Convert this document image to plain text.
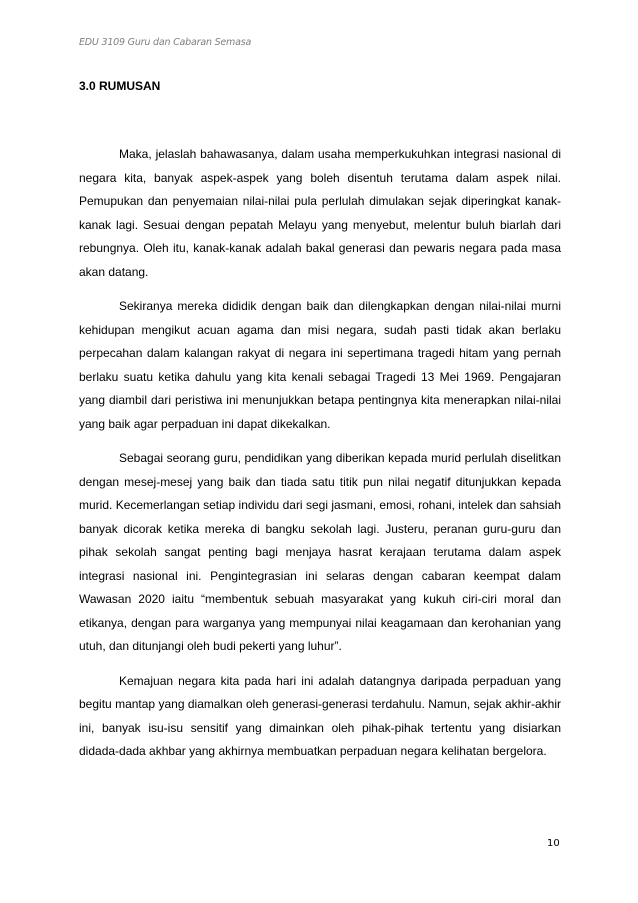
EDU 3109 Guru dan Cabaran Semasa
3.0 RUMUSAN

Maka, jelaslah bahawasanya, dalam usaha memperkukuhkan integrasi nasional di negara kita, banyak aspek-aspek yang boleh disentuh terutama dalam aspek nilai. Pemupukan dan penyemaian nilai-nilai pula perlulah dimulakan sejak diperingkat kanak-kanak lagi. Sesuai dengan pepatah Melayu yang menyebut, melentur buluh biarlah dari rebungnya. Oleh itu, kanak-kanak adalah bakal generasi dan pewaris negara pada masa akan datang.

Sekiranya mereka dididik dengan baik dan dilengkapkan dengan nilai-nilai murni kehidupan mengikut acuan agama dan misi negara, sudah pasti tidak akan berlaku perpecahan dalam kalangan rakyat di negara ini sepertimana tragedi hitam yang pernah berlaku suatu ketika dahulu yang kita kenali sebagai Tragedi 13 Mei 1969. Pengajaran yang diambil dari peristiwa ini menunjukkan betapa pentingnya kita menerapkan nilai-nilai yang baik agar perpaduan ini dapat dikekalkan.

Sebagai seorang guru, pendidikan yang diberikan kepada murid perlulah diselitkan dengan mesej-mesej yang baik dan tiada satu titik pun nilai negatif ditunjukkan kepada murid. Kecemerlangan setiap individu dari segi jasmani, emosi, rohani, intelek dan sahsiah banyak dicorak ketika mereka di bangku sekolah lagi. Justeru, peranan guru-guru dan pihak sekolah sangat penting bagi menjaya hasrat kerajaan terutama dalam aspek integrasi nasional ini. Pengintegrasian ini selaras dengan cabaran keempat dalam Wawasan 2020 iaitu “membentuk sebuah masyarakat yang kukuh ciri-ciri moral dan etikanya, dengan para warganya yang mempunyai nilai keagamaan dan kerohanian yang utuh, dan ditunjangi oleh budi pekerti yang luhur”.

Kemajuan negara kita pada hari ini adalah datangnya daripada perpaduan yang begitu mantap yang diamalkan oleh generasi-generasi terdahulu. Namun, sejak akhir-akhir ini, banyak isu-isu sensitif yang dimainkan oleh pihak-pihak tertentu yang disiarkan didada-dada akhbar yang akhirnya membuatkan perpaduan negara kelihatan bergelora.

10
